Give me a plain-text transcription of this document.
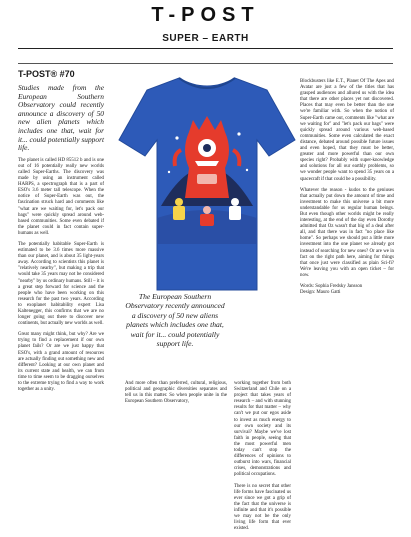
T-POST
SUPER – EARTH
T-POST® #70

Studies made from the European Southern Observatory could recently announce a discovery of 50 new alien planets which includes one that, wait for it... could potentially support life.

The planet is called HD 85512 b and is one out of 16 potentially really new worlds called Super-Earths. The discovery was made by using an instrument called HARPS, a spectrograph that is a part of ESO's 3.6 meter tall telescope. When the notice of Super-Earth was out, the fascination struck hard and comments like "what are we waiting for, let's pack our bags" were quickly spread around web-based communities. Some even debated if the planet could in fact contain super-humans as well.

The potentially habitable Super-Earth is estimated to be 3.6 times more massive than our planet, and is about 35 light-years away. According to scientists this planet is "relatively nearby", but making a trip that would take 35 years may not be considered "nearby" by us ordinary humans. Still – it is a great step forward for science and the people who have been working on this research for the past two years. According to exoplanet habitability expert Lisa Kaltenegger, this confirms that we are no longer going out there to discover new continents, but actually new worlds as well.

Great many might think, but why? Are we trying to find a replacement if our own planet fails? Or are we just happy that ESO's, with a grand amount of resources are actually finding out something new and different? Looking at our own planet and its current state and health, we can from time to time seem to be dragging ourselves to the extreme trying to find a way to work together as a unity.

The European Southern Observatory recently announced a discovery of 50 new aliens planets which includes one that, wait for it... could potentially support life.

And more often than preferred, cultural, religious, political and geographic diversities separates and tell us in this matter. So when people unite in the European Southern Observatory,

working together from both Switzerland and Chile on a project that takes years of research – and with stunning results for that matter – why can't we put our egos aside to invest as much energy to our own society and its survival? Maybe we've lost faith in people, seeing that the most powerful men today can't stop the differences of opinions to outburst into wars, financial crises, demonstrations and political occupations.

There is no secret that other life forms have fascinated us ever since we got a grip of the fact that the universe is infinite and that it's possible we may not be the only living life form that ever existed.

Blockbusters like E.T., Planet Of The Apes and Avatar are just a few of the titles that has grasped audiences and allured us with the idea that there are other places yet not discovered. Places that may even be better than the one we're familiar with. So when the notion of Super-Earth came out, comments like "what are we waiting for" and "let's pack our bags" were quickly spread around various web-based communities. Some even calculated the exact distance, debated around possible future issues and even hoped, that they must be better, greater and more powerful than our own species right? Probably with super-knowledge and solutions for all our earthly problems, so we wonder people want to spend 35 years on a spacecraft if that could be a possibility.

Whatever the reason - kudos to the geniuses that actually put down the amount of time and investment to make this universe a bit more understandable for us regular human beings. But even though other worlds might be really interesting, at the end of the day even Dorothy admitted that Oz wasn't that big of a deal after all, and that there was in fact "no place like home". So perhaps we should put a little more investment into the one planet we already got instead of searching for new ones? Or are we in fact on the right path here, aiming for things that once just were classified as plain Sci-fi? We're leaving you with an open ticket – for now.

Words: Sophia Fredsky Jansson

Design: Mauro Gatti
